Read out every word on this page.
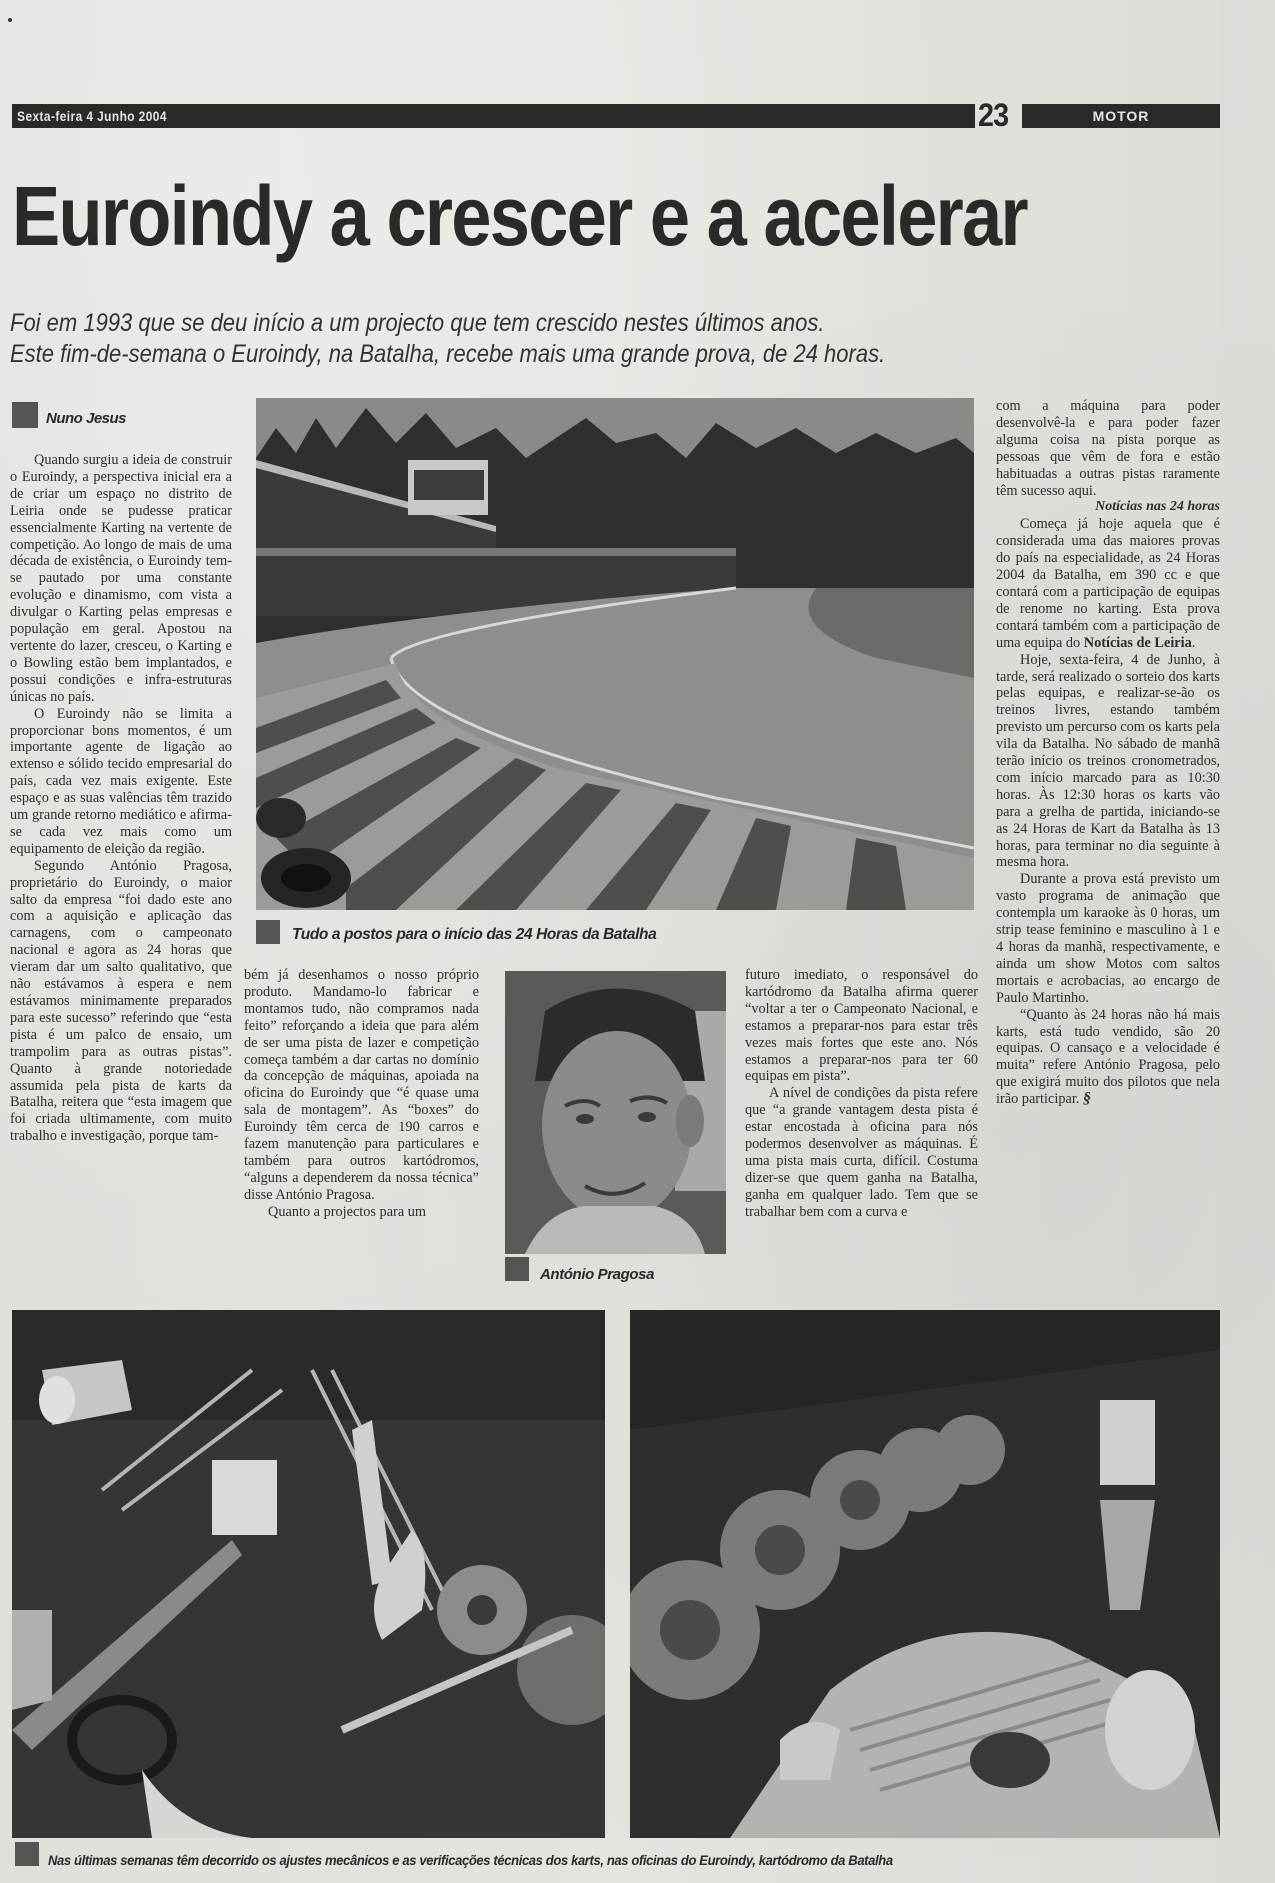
Sexta-feira 4 Junho 2004	23	MOTOR
Euroindy a crescer e a acelerar
Foi em 1993 que se deu início a um projecto que tem crescido nestes últimos anos.
Este fim-de-semana o Euroindy, na Batalha, recebe mais uma grande prova, de 24 horas.
Nuno Jesus

Quando surgiu a ideia de construir o Euroindy, a perspectiva inicial era a de criar um espaço no distrito de Leiria onde se pudesse praticar essencialmente Karting na vertente de competição. Ao longo de mais de uma década de existência, o Euroindy tem-se pautado por uma constante evolução e dinamismo, com vista a divulgar o Karting pelas empresas e população em geral. Apostou na vertente do lazer, cresceu, o Karting e o Bowling estão bem implantados, e possui condições e infra-estruturas únicas no país.

O Euroindy não se limita a proporcionar bons momentos, é um importante agente de ligação ao extenso e sólido tecido empresarial do país, cada vez mais exigente. Este espaço e as suas valências têm trazido um grande retorno mediático e afirma-se cada vez mais como um equipamento de eleição da região.

Segundo António Pragosa, proprietário do Euroindy, o maior salto da empresa “foi dado este ano com a aquisição e aplicação das carnagens, com o campeonato nacional e agora as 24 horas que vieram dar um salto qualitativo, que não estávamos à espera e nem estávamos minimamente preparados para este sucesso” referindo que “esta pista é um palco de ensaio, um trampolim para as outras pistas”. Quanto à grande notoriedade assumida pela pista de karts da Batalha, reitera que “esta imagem que foi criada ultimamente, com muito trabalho e investigação, porque tam-

Tudo a postos para o início das 24 Horas da Batalha

com a máquina para poder desenvolvê-la e para poder fazer alguma coisa na pista porque as pessoas que vêm de fora e estão habituadas a outras pistas raramente têm sucesso aqui.

Notícias nas 24 horas

Começa já hoje aquela que é considerada uma das maiores provas do país na especialidade, as 24 Horas 2004 da Batalha, em 390 cc e que contará com a participação de equipas de renome no karting. Esta prova contará também com a participação de uma equipa do Notícias de Leiria.

Hoje, sexta-feira, 4 de Junho, à tarde, será realizado o sorteio dos karts pelas equipas, e realizar-se-ão os treinos livres, estando também previsto um percurso com os karts pela vila da Batalha. No sábado de manhã terão início os treinos cronometrados, com início marcado para as 10:30 horas. Às 12:30 horas os karts vão para a grelha de partida, iniciando-se as 24 Horas de Kart da Batalha às 13 horas, para terminar no dia seguinte à mesma hora.

Durante a prova está previsto um vasto programa de animação que contempla um karaoke às 0 horas, um strip tease feminino e masculino à 1 e 4 horas da manhã, respectivamente, e ainda um show Motos com saltos mortais e acrobacias, ao encargo de Paulo Martinho.

“Quanto às 24 horas não há mais karts, está tudo vendido, são 20 equipas. O cansaço e a velocidade é muita” refere António Pragosa, pelo que exigirá muito dos pilotos que nela irão participar. §

bém já desenhamos o nosso próprio produto. Mandamo-lo fabricar e montamos tudo, não compramos nada feito” reforçando a ideia que para além de ser uma pista de lazer e competição começa também a dar cartas no domínio da concepção de máquinas, apoiada na oficina do Euroindy que “é quase uma sala de montagem”. As “boxes” do Euroindy têm cerca de 190 carros e fazem manutenção para particulares e também para outros kartódromos, “alguns a dependerem da nossa técnica” disse António Pragosa.

Quanto a projectos para um

António Pragosa

futuro imediato, o responsável do kartódromo da Batalha afirma querer “voltar a ter o Campeonato Nacional, e estamos a preparar-nos para estar três vezes mais fortes que este ano. Nós estamos a preparar-nos para ter 60 equipas em pista”.

A nível de condições da pista refere que “a grande vantagem desta pista é estar encostada à oficina para nós podermos desenvolver as máquinas. É uma pista mais curta, difícil. Costuma dizer-se que quem ganha na Batalha, ganha em qualquer lado. Tem que se trabalhar bem com a curva e

Nas últimas semanas têm decorrido os ajustes mecânicos e as verificações técnicas dos karts, nas oficinas do Euroindy, kartódromo da Batalha
